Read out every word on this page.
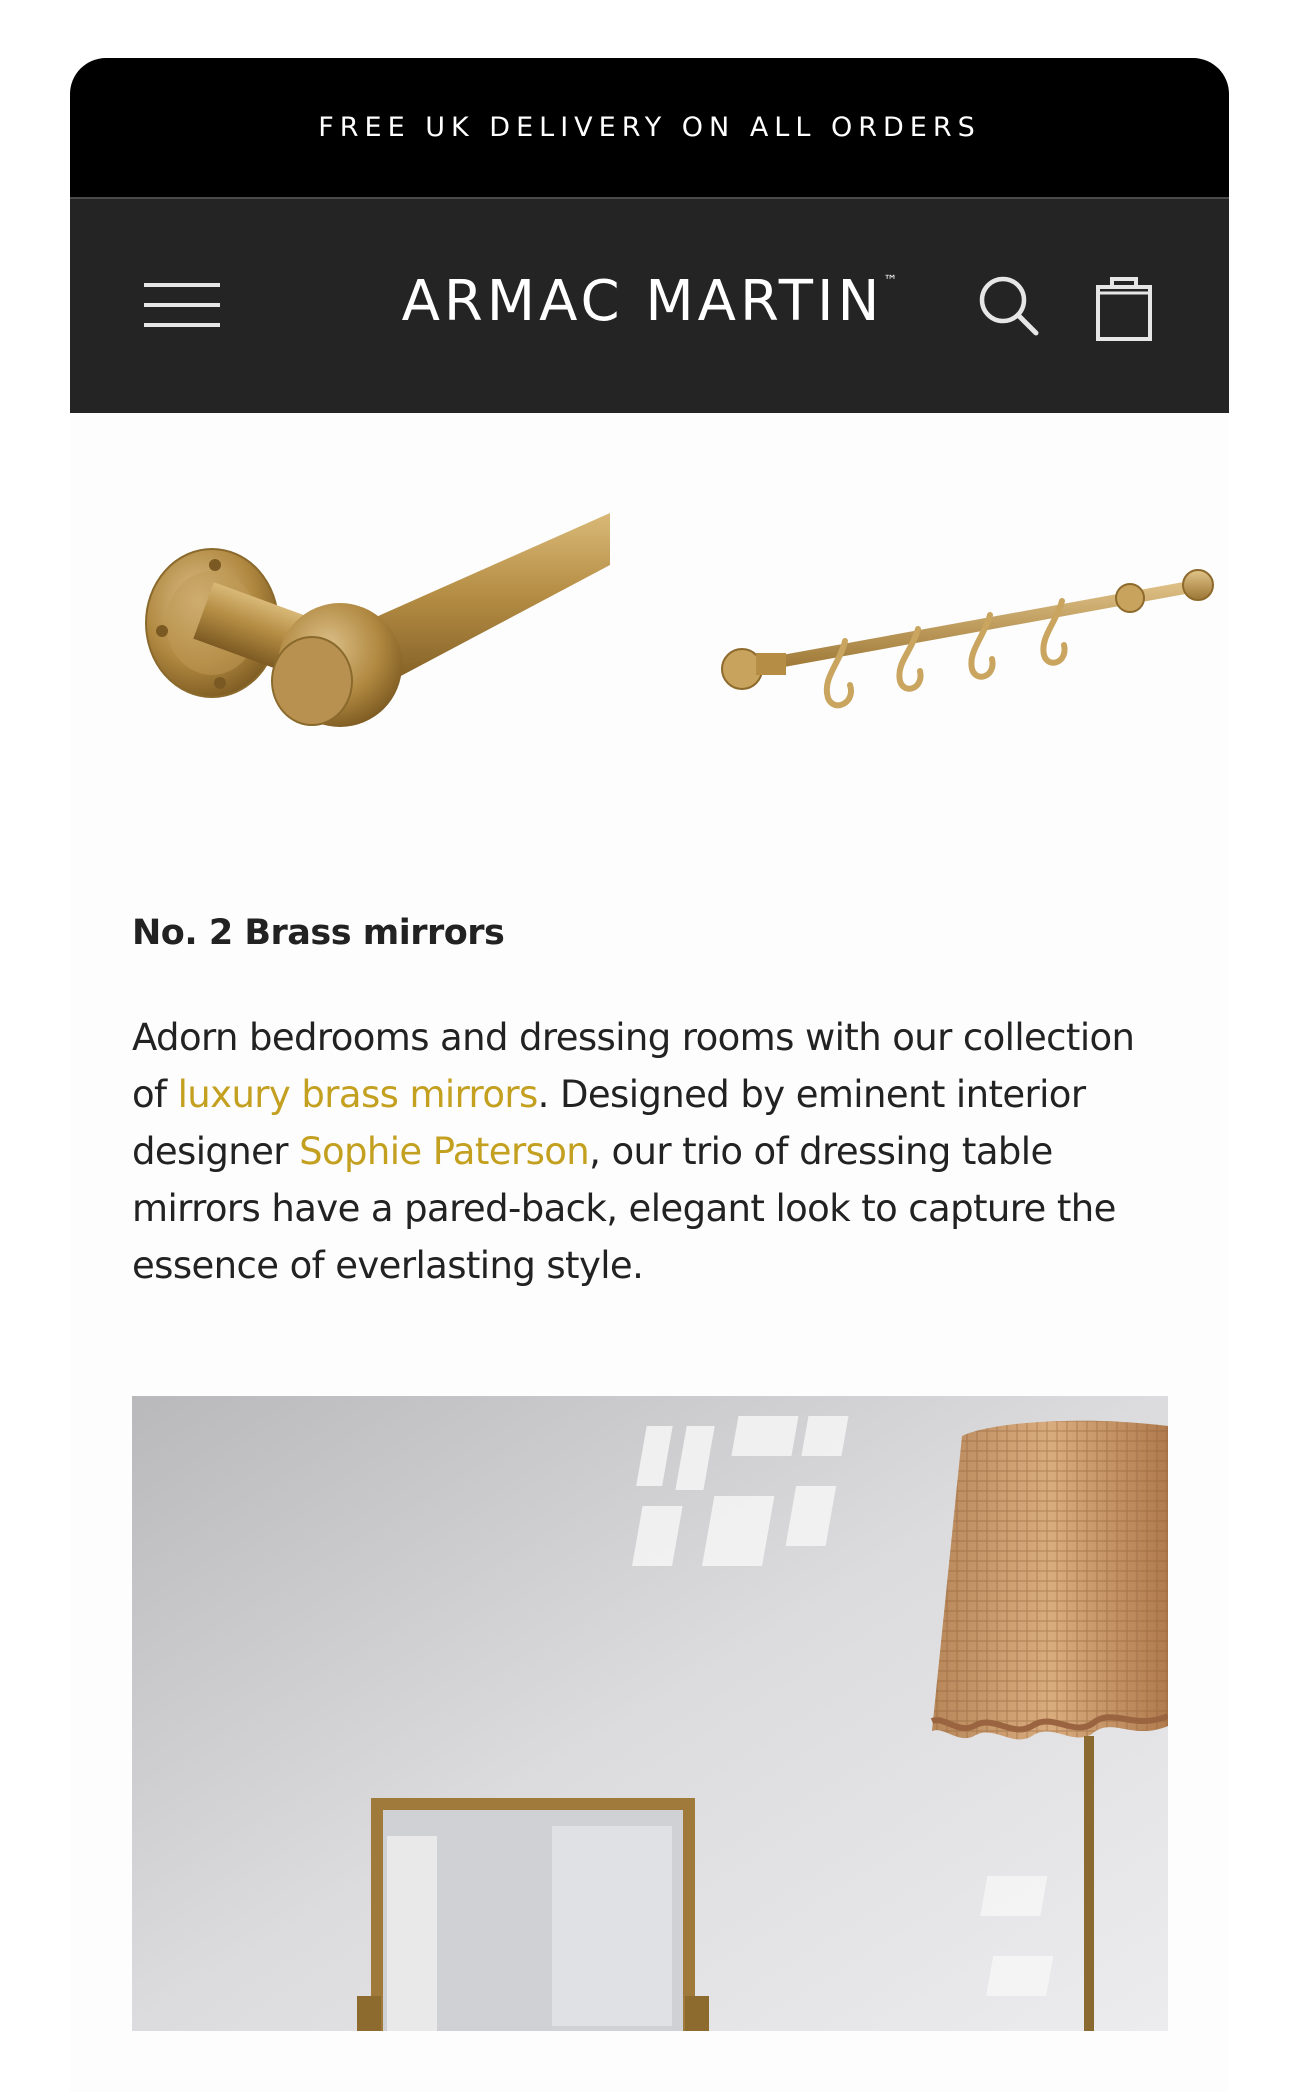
FREE UK DELIVERY ON ALL ORDERS
ARMAC MARTIN™
No. 2 Brass mirrors

Adorn bedrooms and dressing rooms with our collection of luxury brass mirrors. Designed by eminent interior designer Sophie Paterson, our trio of dressing table mirrors have a pared-back, elegant look to capture the essence of everlasting style.
